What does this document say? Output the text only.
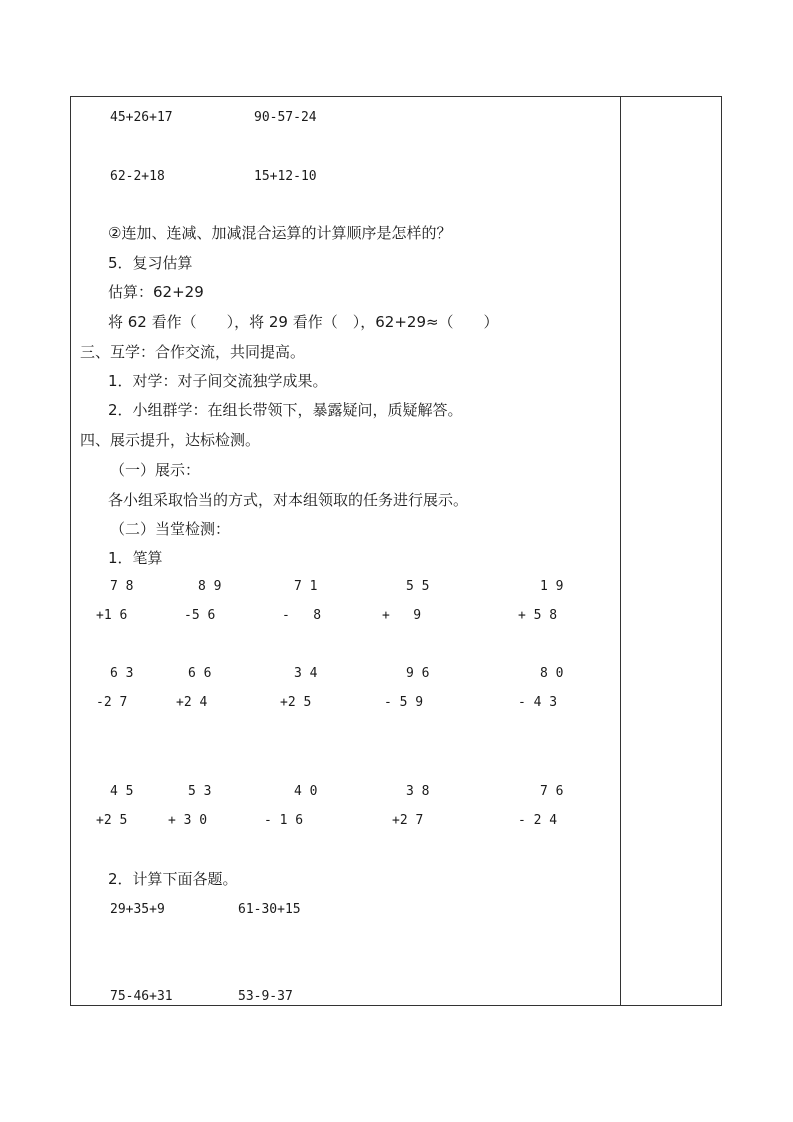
45+26+17	90-57-24
62-2+18	15+12-10
②连加、连减、加减混合运算的计算顺序是怎样的？
5．复习估算
估算：62+29
将 62 看作（　　），将 29 看作（　），62+29≈（　　）
三、互学：合作交流，共同提高。
1．对学：对子间交流独学成果。
2．小组群学：在组长带领下，暴露疑问，质疑解答。
四、展示提升，达标检测。
（一）展示：
各小组采取恰当的方式，对本组领取的任务进行展示。
（二）当堂检测：
1．笔算
7 8
+1 6
8 9
-5 6
7 1
-   8
5 5
+   9
1 9
+ 5 8
6 3
-2 7
6 6
+2 4
3 4
+2 5
9 6
- 5 9
8 0
- 4 3
4 5
+2 5
5 3
+ 3 0
4 0
- 1 6
3 8
+2 7
7 6
- 2 4
2．计算下面各题。
29+35+9	61-30+15
75-46+31	53-9-37
